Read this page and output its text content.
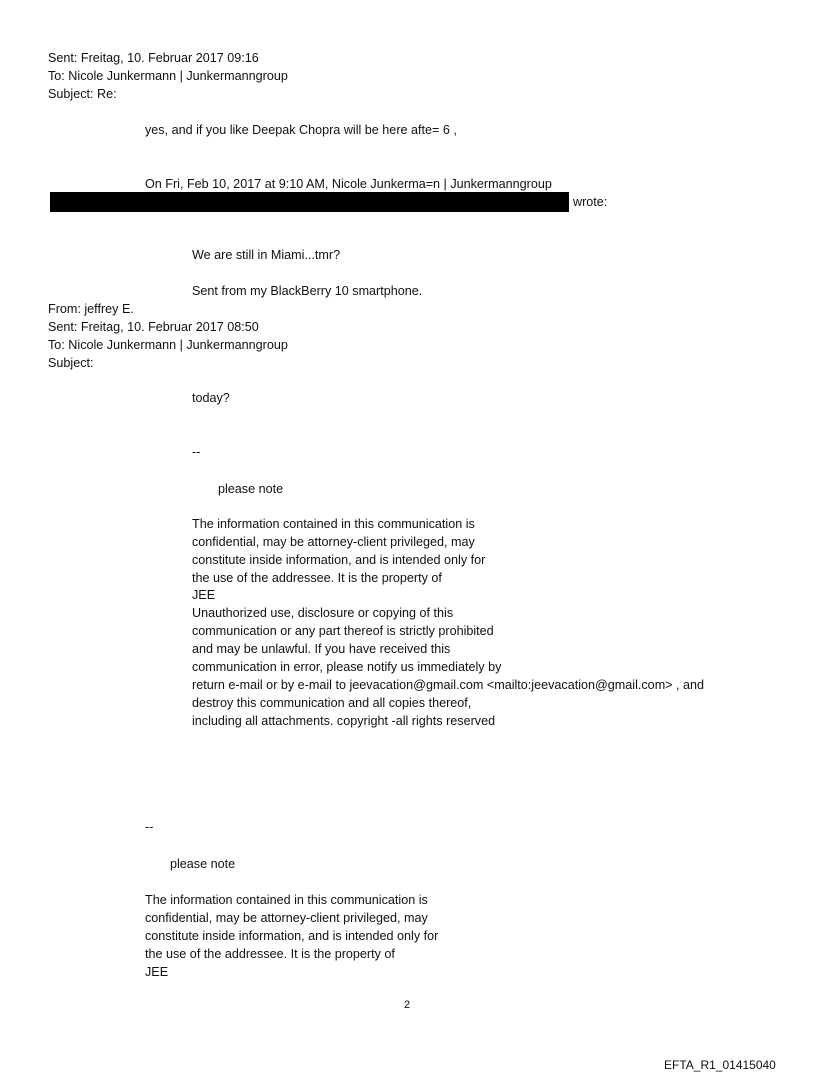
Sent: Freitag, 10. Februar 2017 09:16
To: Nicole Junkermann | Junkermanngroup
Subject: Re:
yes, and if you like Deepak Chopra will be here afte= 6 ,
On Fri, Feb 10, 2017 at 9:10 AM, Nicole Junkerma=n | Junkermanngroup
wrote:
We are still in Miami...tmr?
Sent from my BlackBerry 10 smartphone.
From: jeffrey E.
Sent: Freitag, 10. Februar 2017 08:50
To: Nicole Junkermann | Junkermanngroup
Subject:
today?
--
please note
The information contained in this communication is
confidential, may be attorney-client privileged, may
constitute inside information, and is intended only for
the use of the addressee. It is the property of
JEE
Unauthorized use, disclosure or copying of this
communication or any part thereof is strictly prohibited
and may be unlawful. If you have received this
communication in error, please notify us immediately by
return e-mail or by e-mail to jeevacation@gmail.com <mailto:jeevacation@gmail.com> , and
destroy this communication and all copies thereof,
including all attachments. copyright -all rights reserved
--
please note
The information contained in this communication is
confidential, may be attorney-client privileged, may
constitute inside information, and is intended only for
the use of the addressee. It is the property of
JEE
2
EFTA_R1_01415040
